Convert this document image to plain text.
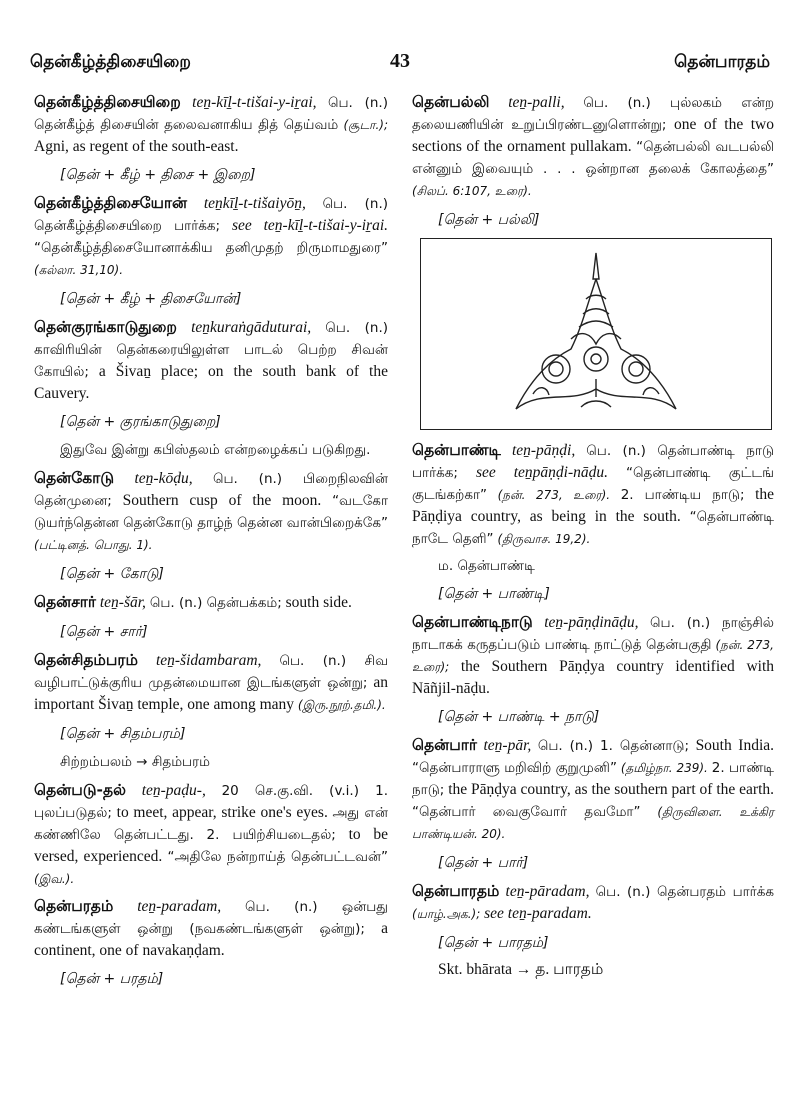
தென்கீழ்த்திசையிறை	43	தென்பாரதம்
தென்கீழ்த்திசையிறை teṉ-kīḻ-t-tišai-y-iṟai, பெ. (n.) தென்கீழ்த் திசையின் தலைவனாகிய தித் தெய்வம் (சூடா.); Agni, as regent of the south-east.
[தென் + கீழ் + திசை + இறை]
தென்கீழ்த்திசையோன் teṉkīḻ-t-tišaiyōṉ, பெ. (n.) தென்கீழ்த்திசையிறை பார்க்க; see teṉ-kīḻ-t-tišai-y-iṟai. “தென்கீழ்த்திசையோனாக்கிய தனிமுதற் றிருமாமதுரை” (கல்லா. 31,10).
[தென் + கீழ் + திசையோன்]
தென்குரங்காடுதுறை teṉkuraṅgāduturai, பெ. (n.) காவிரியின் தென்கரையிலுள்ள பாடல் பெற்ற சிவன் கோயில்; a Šivaṉ place; on the south bank of the Cauvery.
[தென் + குரங்காடுதுறை]
இதுவே இன்று கபிஸ்தலம் என்றழைக்கப் படுகிறது.
தென்கோடு teṉ-kōḍu, பெ. (n.) பிறைநிலவின் தென்முனை; Southern cusp of the moon. “வடகோ டுயர்ந்தென்ன தென்கோடு தாழ்ந் தென்ன வான்பிறைக்கே” (பட்டினத். பொது. 1).
[தென் + கோடு]
தென்சார் teṉ-šār, பெ. (n.) தென்பக்கம்; south side.
[தென் + சார்]
தென்சிதம்பரம் teṉ-šidambaram, பெ. (n.) சிவ வழிபாட்டுக்குரிய முதன்மையான இடங்களுள் ஒன்று; an important Šivaṉ temple, one among many (இரு.நூற்.தமி.).
[தென் + சிதம்பரம்]
சிற்றம்பலம் → சிதம்பரம்
தென்படு-தல் teṉ-paḍu-, 20 செ.கு.வி. (v.i.) 1. புலப்படுதல்; to meet, appear, strike one's eyes. அது என் கண்ணிலே தென்பட்டது. 2. பயிற்சியடைதல்; to be versed, experienced. “அதிலே நன்றாய்த் தென்பட்டவன்” (இவ.).
தென்பரதம் teṉ-paradam, பெ. (n.) ஒன்பது கண்டங்களுள் ஒன்று (நவகண்டங்களுள் ஒன்று); a continent, one of navakaṇḍam.
[தென் + பரதம்]
தென்பல்லி teṉ-palli, பெ. (n.) புல்லகம் என்ற தலையணியின் உறுப்பிரண்டனுளொன்று; one of the two sections of the ornament pullakam. “தென்பல்லி வடபல்லி என்னும் இவையும் . . . ஒன்றான தலைக் கோலத்தை” (சிலப். 6:107, உரை).
[தென் + பல்லி]
தென்பாண்டி teṉ-pāṇḍi, பெ. (n.) தென்பாண்டி நாடு பார்க்க; see teṉpāṇḍi-nāḍu. “தென்பாண்டி குட்டங் குடங்கற்கா” (நன். 273, உரை). 2. பாண்டிய நாடு; the Pāṇḍiya country, as being in the south. “தென்பாண்டி நாடே தெளி” (திருவாச. 19,2).
ம. தென்பாண்டி
[தென் + பாண்டி]
தென்பாண்டிநாடு teṉ-pāṇḍināḍu, பெ. (n.) நாஞ்சில் நாடாகக் கருதப்படும் பாண்டி நாட்டுத் தென்பகுதி (நன். 273, உரை); the Southern Pāṇḍya country identified with Nāñjil-nāḍu.
[தென் + பாண்டி + நாடு]
தென்பார் teṉ-pār, பெ. (n.) 1. தென்னாடு; South India. “தென்பாராளு மறிவிற் குறுமுனி” (தமிழ்நா. 239). 2. பாண்டி நாடு; the Pāṇḍya country, as the southern part of the earth. “தென்பார் வைகுவோர் தவமோ” (திருவிளை. உக்கிர பாண்டியன். 20).
[தென் + பார்]
தென்பாரதம் teṉ-pāradam, பெ. (n.) தென்பரதம் பார்க்க (யாழ்.அக.); see teṉ-paradam.
[தென் + பாரதம்]
Skt. bhārata → த. பாரதம்
